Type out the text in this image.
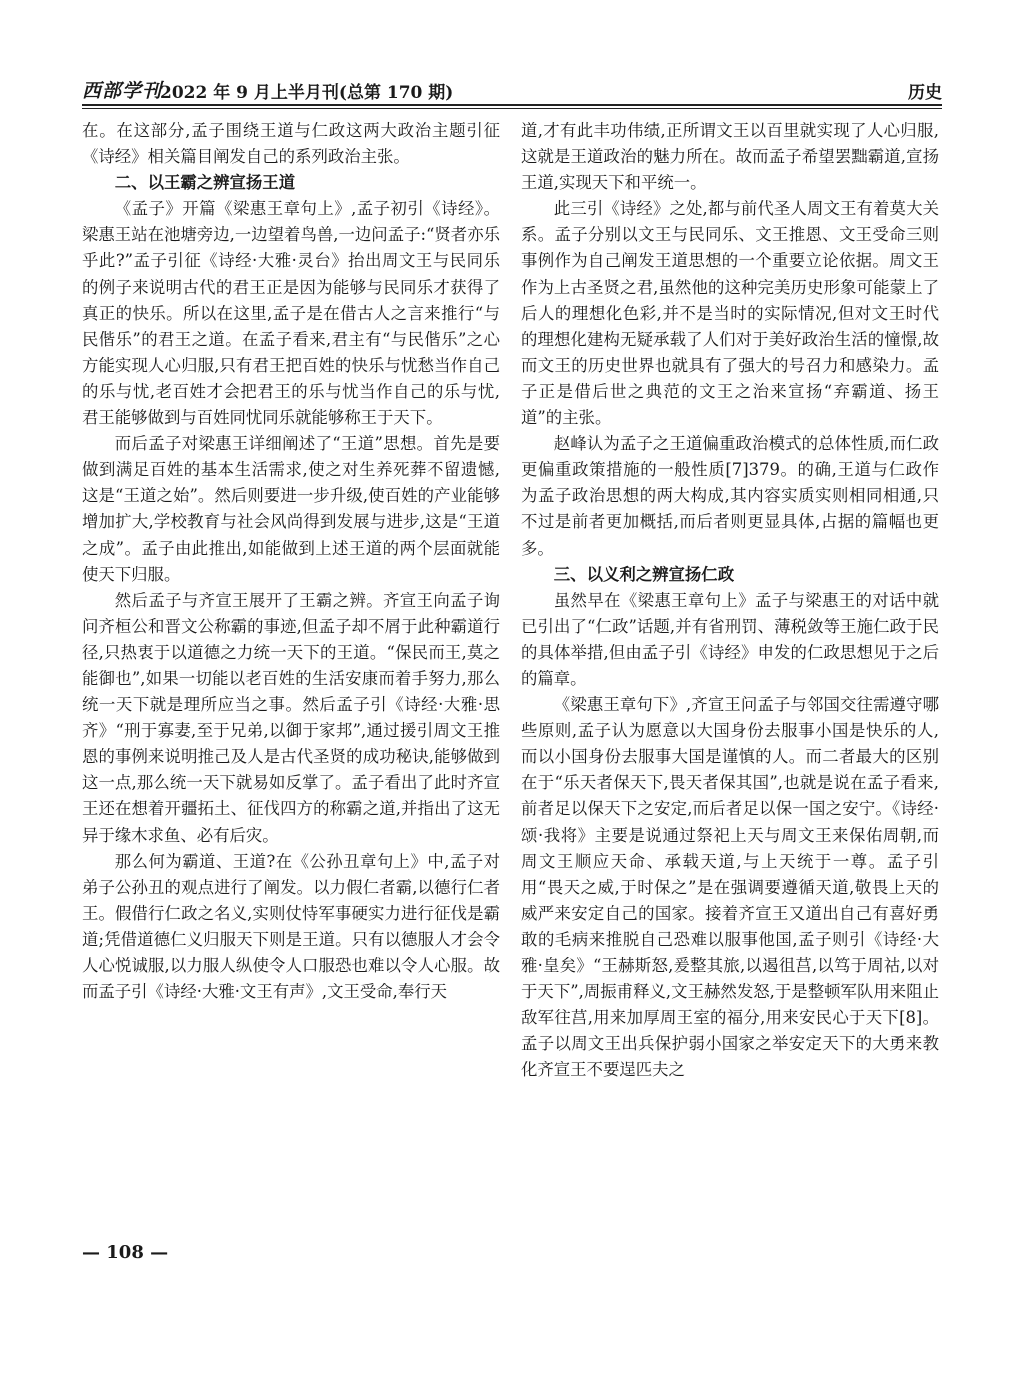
西部学刊
2022 年 9 月上半月刊(总第 170 期)	历史

在。在这部分,孟子围绕王道与仁政这两大政治主题引征《诗经》相关篇目阐发自己的系列政治主张。

二、以王霸之辨宣扬王道

《孟子》开篇《梁惠王章句上》,孟子初引《诗经》。梁惠王站在池塘旁边,一边望着鸟兽,一边问孟子:“贤者亦乐乎此?”孟子引征《诗经·大雅·灵台》抬出周文王与民同乐的例子来说明古代的君王正是因为能够与民同乐才获得了真正的快乐。所以在这里,孟子是在借古人之言来推行“与民偕乐”的君王之道。在孟子看来,君主有“与民偕乐”之心方能实现人心归服,只有君王把百姓的快乐与忧愁当作自己的乐与忧,老百姓才会把君王的乐与忧当作自己的乐与忧,君王能够做到与百姓同忧同乐就能够称王于天下。

而后孟子对梁惠王详细阐述了“王道”思想。首先是要做到满足百姓的基本生活需求,使之对生养死葬不留遗憾,这是“王道之始”。然后则要进一步升级,使百姓的产业能够增加扩大,学校教育与社会风尚得到发展与进步,这是“王道之成”。孟子由此推出,如能做到上述王道的两个层面就能使天下归服。

然后孟子与齐宣王展开了王霸之辨。齐宣王向孟子询问齐桓公和晋文公称霸的事迹,但孟子却不屑于此种霸道行径,只热衷于以道德之力统一天下的王道。“保民而王,莫之能御也”,如果一切能以老百姓的生活安康而着手努力,那么统一天下就是理所应当之事。然后孟子引《诗经·大雅·思齐》“刑于寡妻,至于兄弟,以御于家邦”,通过援引周文王推恩的事例来说明推己及人是古代圣贤的成功秘诀,能够做到这一点,那么统一天下就易如反掌了。孟子看出了此时齐宣王还在想着开疆拓土、征伐四方的称霸之道,并指出了这无异于缘木求鱼、必有后灾。

那么何为霸道、王道?在《公孙丑章句上》中,孟子对弟子公孙丑的观点进行了阐发。以力假仁者霸,以德行仁者王。假借行仁政之名义,实则仗恃军事硬实力进行征伐是霸道;凭借道德仁义归服天下则是王道。只有以德服人才会令人心悦诚服,以力服人纵使令人口服恐也难以令人心服。故而孟子引《诗经·大雅·文王有声》,文王受命,奉行天

道,才有此丰功伟绩,正所谓文王以百里就实现了人心归服,这就是王道政治的魅力所在。故而孟子希望罢黜霸道,宣扬王道,实现天下和平统一。

此三引《诗经》之处,都与前代圣人周文王有着莫大关系。孟子分别以文王与民同乐、文王推恩、文王受命三则事例作为自己阐发王道思想的一个重要立论依据。周文王作为上古圣贤之君,虽然他的这种完美历史形象可能蒙上了后人的理想化色彩,并不是当时的实际情况,但对文王时代的理想化建构无疑承载了人们对于美好政治生活的憧憬,故而文王的历史世界也就具有了强大的号召力和感染力。孟子正是借后世之典范的文王之治来宣扬“弃霸道、扬王道”的主张。

赵峰认为孟子之王道偏重政治模式的总体性质,而仁政更偏重政策措施的一般性质[7]379。的确,王道与仁政作为孟子政治思想的两大构成,其内容实质实则相同相通,只不过是前者更加概括,而后者则更显具体,占据的篇幅也更多。

三、以义利之辨宣扬仁政

虽然早在《梁惠王章句上》孟子与梁惠王的对话中就已引出了“仁政”话题,并有省刑罚、薄税敛等王施仁政于民的具体举措,但由孟子引《诗经》申发的仁政思想见于之后的篇章。

《梁惠王章句下》,齐宣王问孟子与邻国交往需遵守哪些原则,孟子认为愿意以大国身份去服事小国是快乐的人,而以小国身份去服事大国是谨慎的人。而二者最大的区别在于“乐天者保天下,畏天者保其国”,也就是说在孟子看来,前者足以保天下之安定,而后者足以保一国之安宁。《诗经·颂·我将》主要是说通过祭祀上天与周文王来保佑周朝,而周文王顺应天命、承载天道,与上天统于一尊。孟子引用“畏天之威,于时保之”是在强调要遵循天道,敬畏上天的威严来安定自己的国家。接着齐宣王又道出自己有喜好勇敢的毛病来推脱自己恐难以服事他国,孟子则引《诗经·大雅·皇矣》“王赫斯怒,爰整其旅,以遏徂莒,以笃于周祜,以对于天下”,周振甫释义,文王赫然发怒,于是整顿军队用来阻止敌军往莒,用来加厚周王室的福分,用来安民心于天下[8]。孟子以周文王出兵保护弱小国家之举安定天下的大勇来教化齐宣王不要逞匹夫之

— 108 —
